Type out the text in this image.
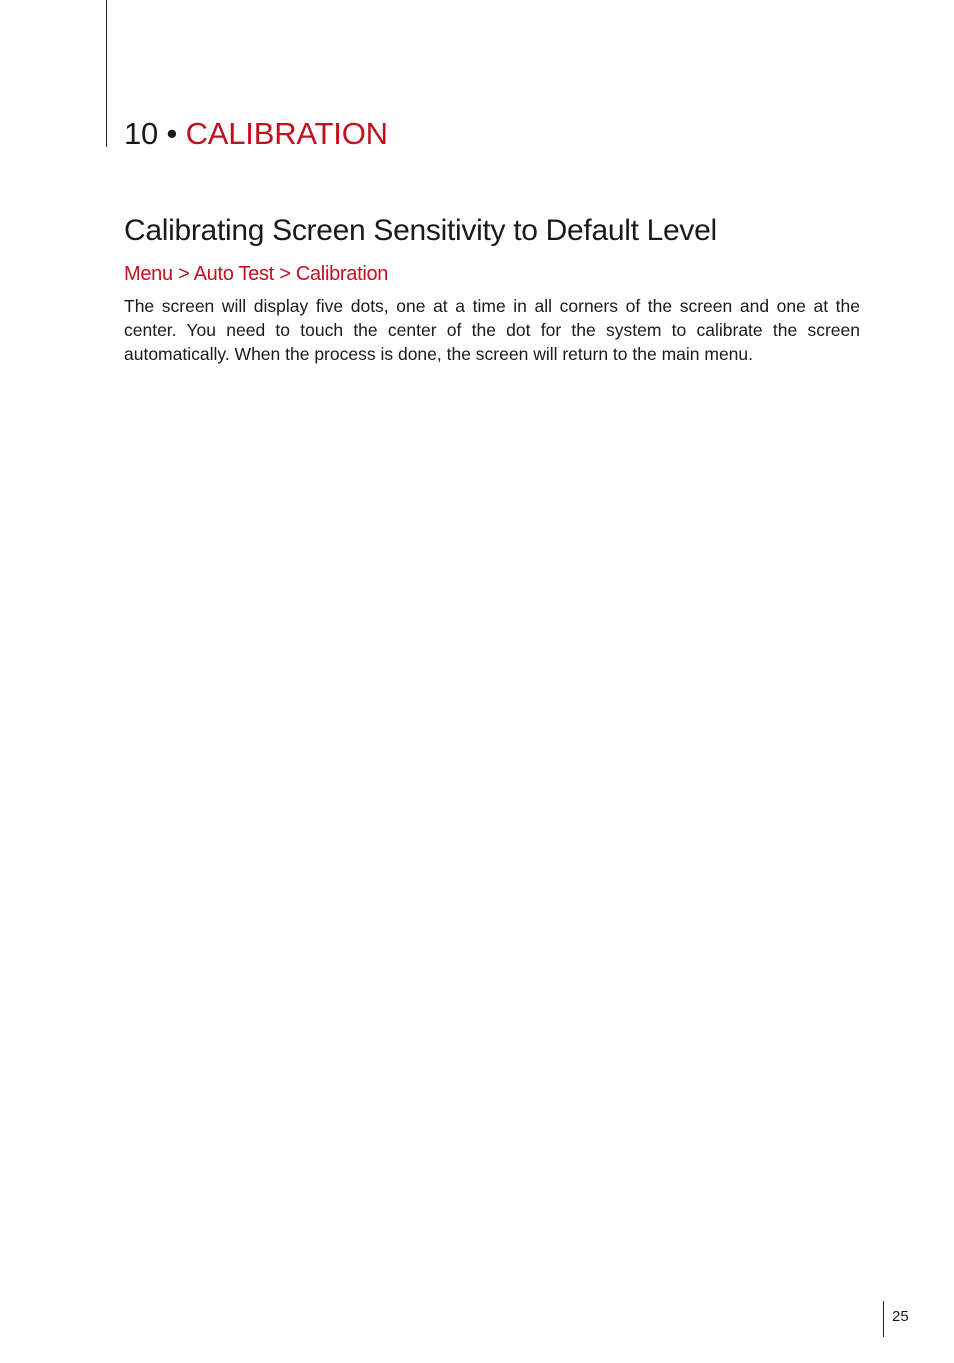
10 • CALIBRATION
Calibrating Screen Sensitivity to Default Level
Menu > Auto Test > Calibration

The screen will display five dots, one at a time in all corners of the screen and one at the center. You need to touch the center of the dot for the system to calibrate the screen automatically. When the process is done, the screen will return to the main menu.

25
